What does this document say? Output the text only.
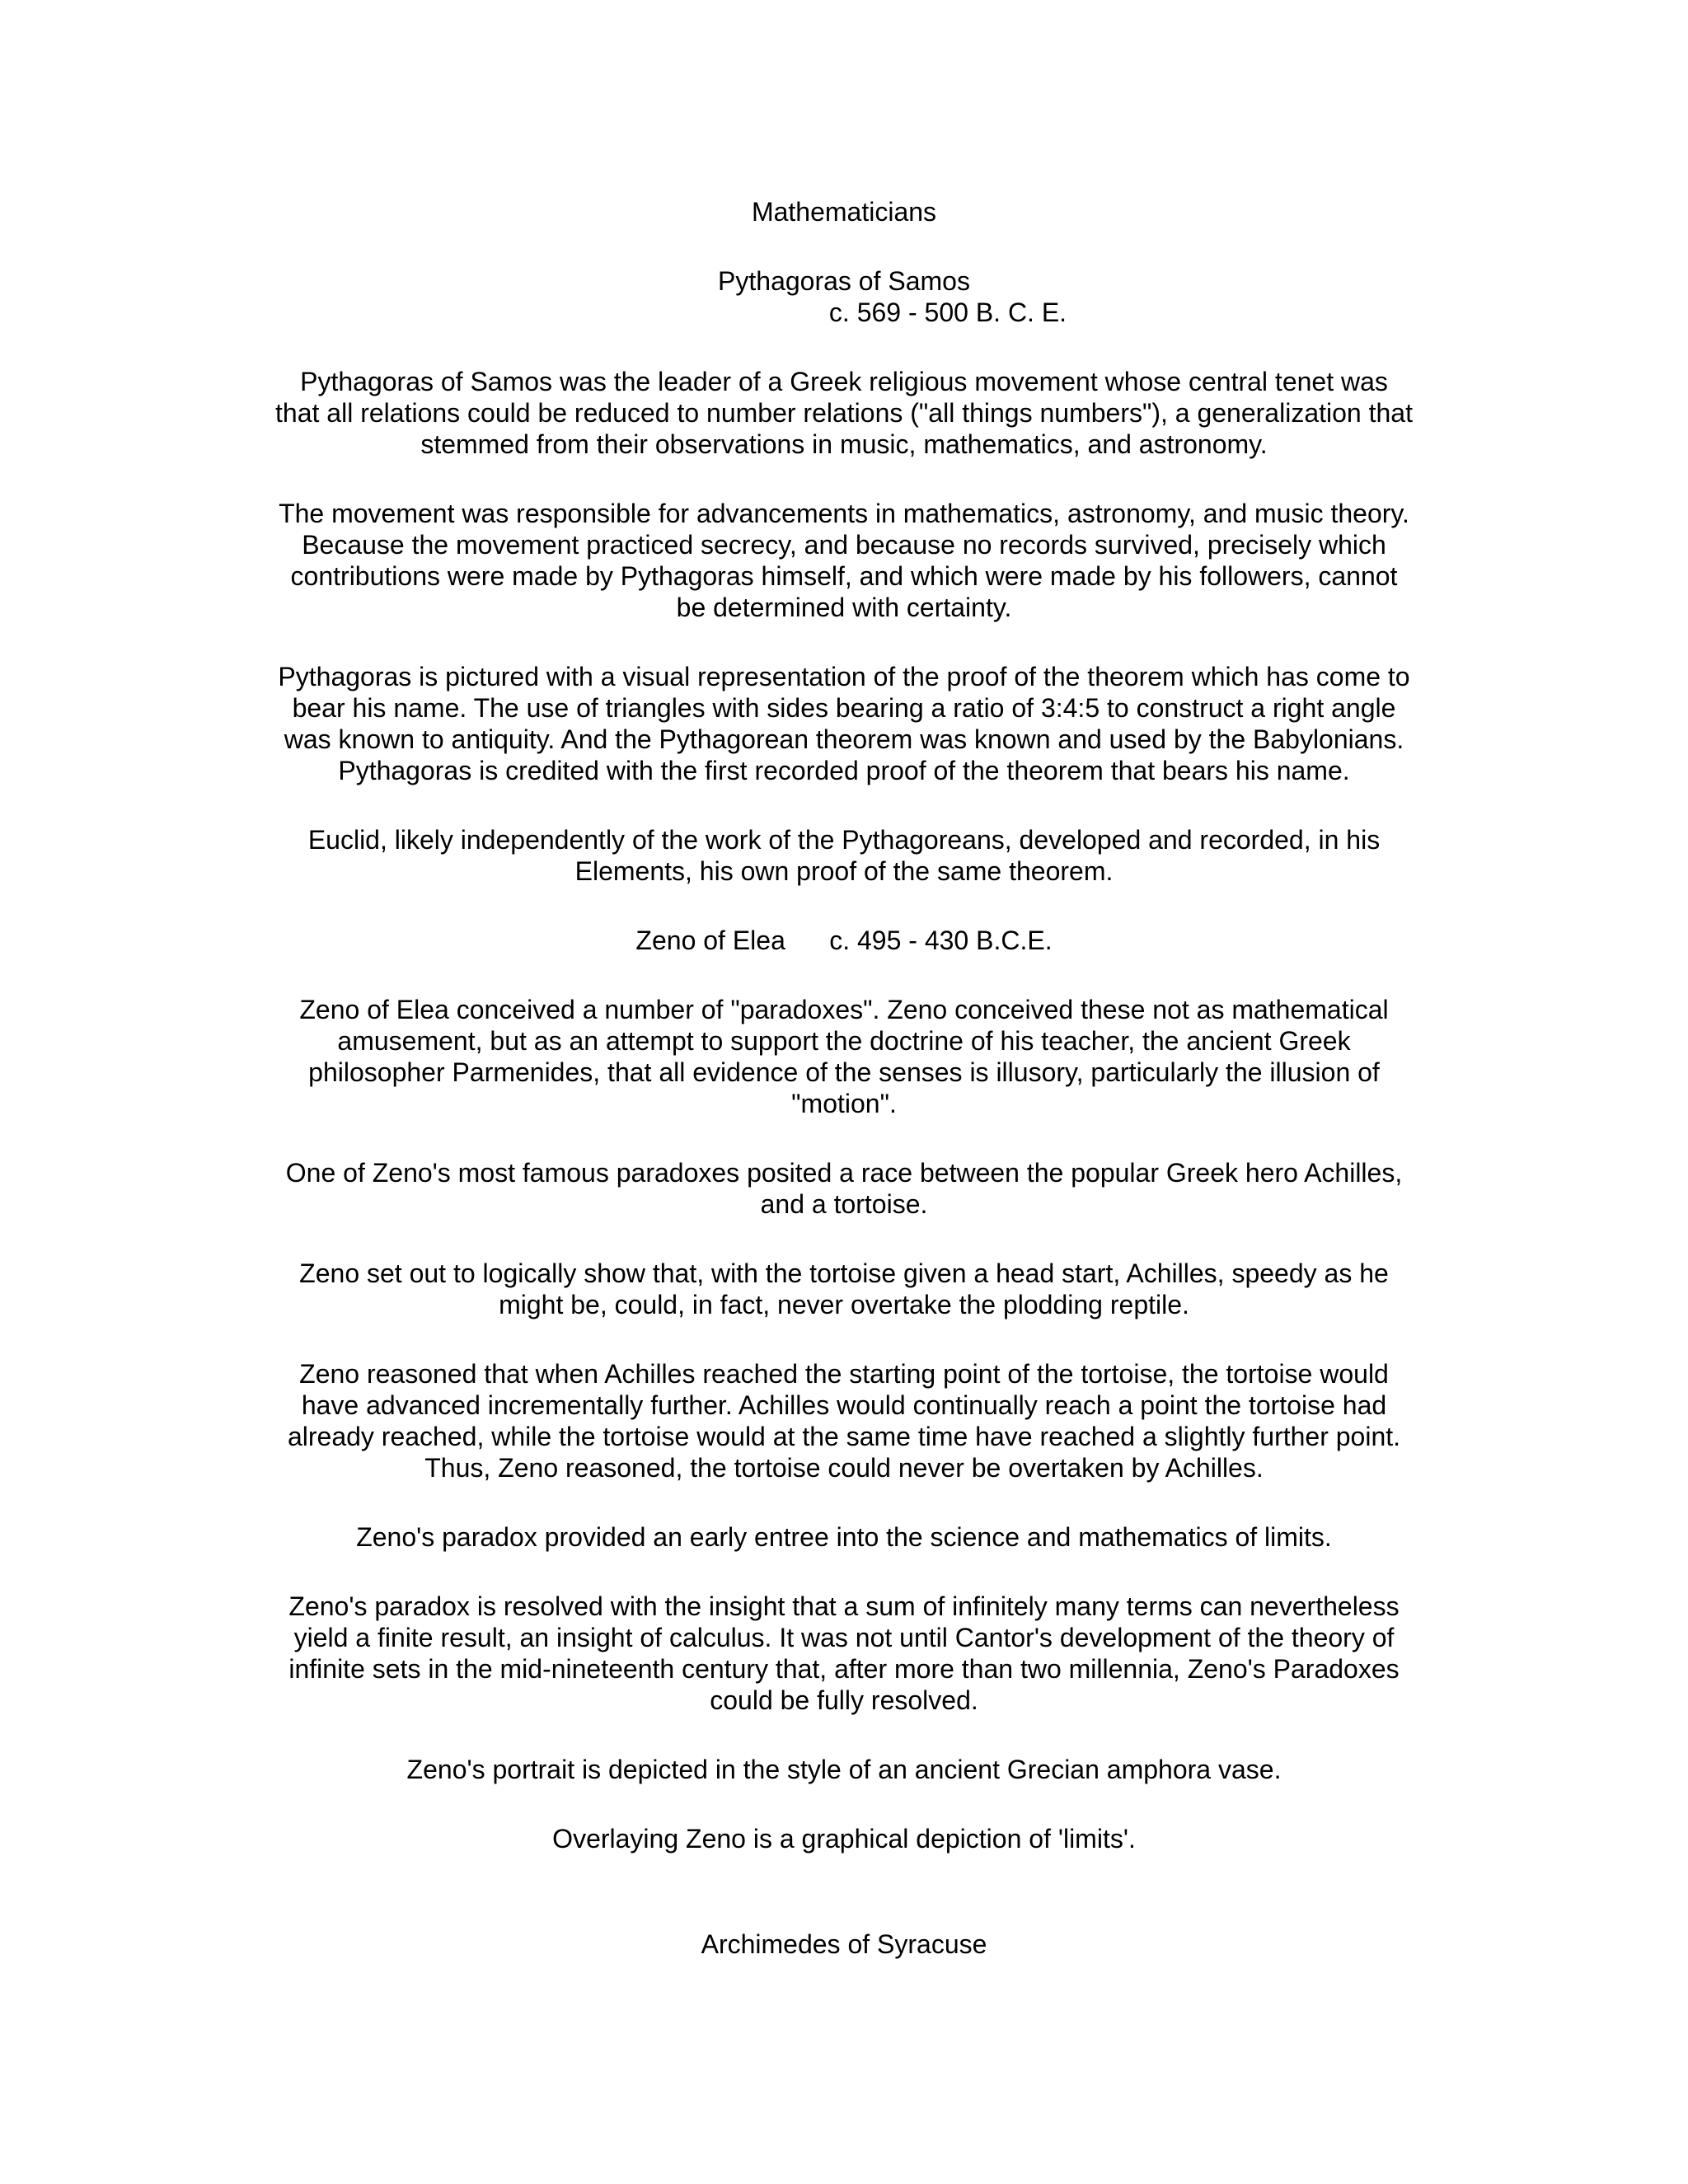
Mathematicians
Pythagoras of Samos
c. 569 - 500 B. C. E.
Pythagoras of Samos was the leader of a Greek religious movement whose central tenet was
that all relations could be reduced to number relations ("all things numbers"), a generalization that
stemmed from their observations in music, mathematics, and astronomy.
The movement was responsible for advancements in mathematics, astronomy, and music theory.
Because the movement practiced secrecy, and because no records survived, precisely which
contributions were made by Pythagoras himself, and which were made by his followers, cannot
be determined with certainty.
Pythagoras is pictured with a visual representation of the proof of the theorem which has come to
bear his name. The use of triangles with sides bearing a ratio of 3:4:5 to construct a right angle
was known to antiquity. And the Pythagorean theorem was known and used by the Babylonians.
Pythagoras is credited with the first recorded proof of the theorem that bears his name.
Euclid, likely independently of the work of the Pythagoreans, developed and recorded, in his
Elements, his own proof of the same theorem.
Zeno of Elea      c. 495 - 430 B.C.E.
Zeno of Elea conceived a number of "paradoxes". Zeno conceived these not as mathematical
amusement, but as an attempt to support the doctrine of his teacher, the ancient Greek
philosopher Parmenides, that all evidence of the senses is illusory, particularly the illusion of
"motion".
One of Zeno's most famous paradoxes posited a race between the popular Greek hero Achilles,
and a tortoise.
Zeno set out to logically show that, with the tortoise given a head start, Achilles, speedy as he
might be, could, in fact, never overtake the plodding reptile.
Zeno reasoned that when Achilles reached the starting point of the tortoise, the tortoise would
have advanced incrementally further. Achilles would continually reach a point the tortoise had
already reached, while the tortoise would at the same time have reached a slightly further point.
Thus, Zeno reasoned, the tortoise could never be overtaken by Achilles.
Zeno's paradox provided an early entree into the science and mathematics of limits.
Zeno's paradox is resolved with the insight that a sum of infinitely many terms can nevertheless
yield a finite result, an insight of calculus. It was not until Cantor's development of the theory of
infinite sets in the mid-nineteenth century that, after more than two millennia, Zeno's Paradoxes
could be fully resolved.
Zeno's portrait is depicted in the style of an ancient Grecian amphora vase.
Overlaying Zeno is a graphical depiction of 'limits'.
Archimedes of Syracuse
